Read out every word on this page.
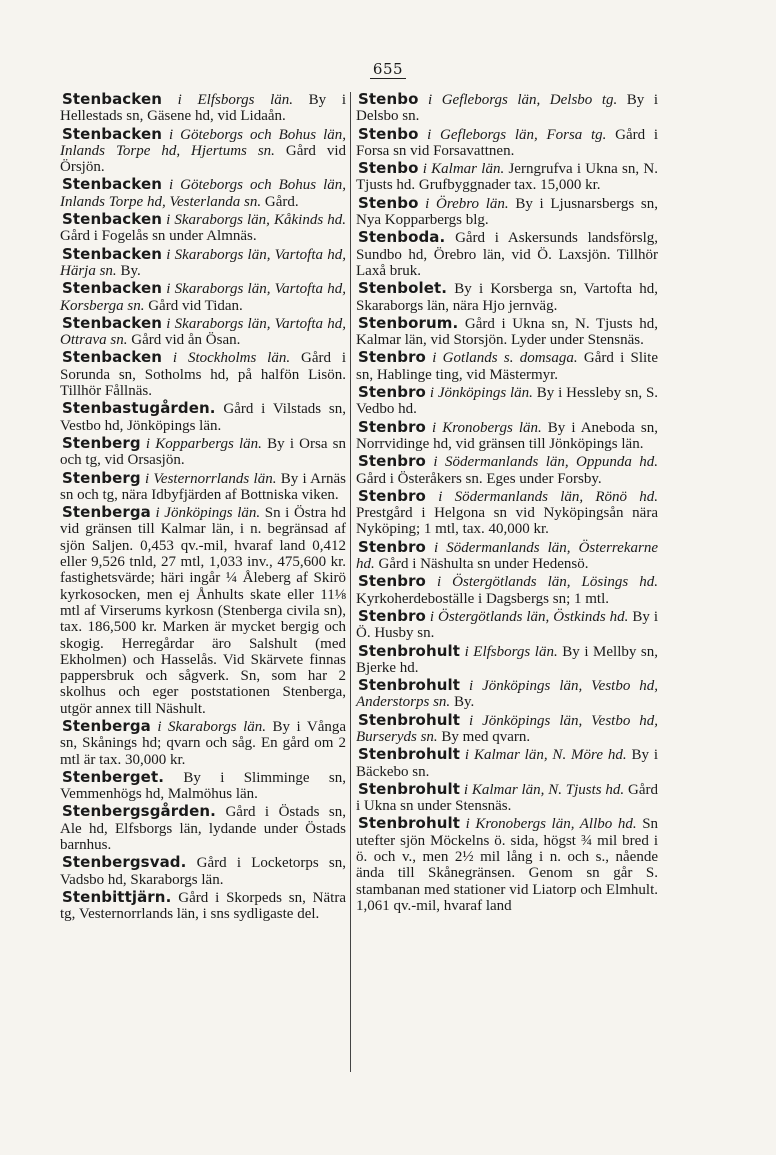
655

Stenbacken i Elfsborgs län. By i Hellestads sn, Gäsene hd, vid Lidaån.

Stenbacken i Göteborgs och Bohus län, Inlands Torpe hd, Hjertums sn. Gård vid Örsjön.

Stenbacken i Göteborgs och Bohus län, Inlands Torpe hd, Vesterlanda sn. Gård.

Stenbacken i Skaraborgs län, Kåkinds hd. Gård i Fogelås sn under Almnäs.

Stenbacken i Skaraborgs län, Vartofta hd, Härja sn. By.

Stenbacken i Skaraborgs län, Vartofta hd, Korsberga sn. Gård vid Tidan.

Stenbacken i Skaraborgs län, Vartofta hd, Ottrava sn. Gård vid ån Ösan.

Stenbacken i Stockholms län. Gård i Sorunda sn, Sotholms hd, på halfön Lisön. Tillhör Fållnäs.

Stenbastugården. Gård i Vilstads sn, Vestbo hd, Jönköpings län.

Stenberg i Kopparbergs län. By i Orsa sn och tg, vid Orsasjön.

Stenberg i Vesternorrlands län. By i Arnäs sn och tg, nära Idbyfjärden af Bottniska viken.

Stenberga i Jönköpings län. Sn i Östra hd vid gränsen till Kalmar län, i n. begränsad af sjön Saljen. 0,453 qv.-mil, hvaraf land 0,412 eller 9,526 tnld, 27 mtl, 1,033 inv., 475,600 kr. fastighetsvärde; häri ingår ¼ Åleberg af Skirö kyrkosocken, men ej Ånhults skate eller 11⅛ mtl af Virserums kyrkosn (Stenberga civila sn), tax. 186,500 kr. Marken är mycket bergig och skogig. Herregårdar äro Salshult (med Ekholmen) och Hasselås. Vid Skärvete finnas pappersbruk och sågverk. Sn, som har 2 skolhus och eger poststationen Stenberga, utgör annex till Näshult.

Stenberga i Skaraborgs län. By i Vånga sn, Skånings hd; qvarn och såg. En gård om 2 mtl är tax. 30,000 kr.

Stenberget. By i Slimminge sn, Vemmenhögs hd, Malmöhus län.

Stenbergsgården. Gård i Östads sn, Ale hd, Elfsborgs län, lydande under Östads barnhus.

Stenbergsvad. Gård i Locketorps sn, Vadsbo hd, Skaraborgs län.

Stenbittjärn. Gård i Skorpeds sn, Nätra tg, Vesternorrlands län, i sns sydligaste del.

Stenbo i Gefleborgs län, Delsbo tg. By i Delsbo sn.

Stenbo i Gefleborgs län, Forsa tg. Gård i Forsa sn vid Forsavattnen.

Stenbo i Kalmar län. Jerngrufva i Ukna sn, N. Tjusts hd. Grufbyggnader tax. 15,000 kr.

Stenbo i Örebro län. By i Ljusnarsbergs sn, Nya Kopparbergs blg.

Stenboda. Gård i Askersunds landsförslg, Sundbo hd, Örebro län, vid Ö. Laxsjön. Tillhör Laxå bruk.

Stenbolet. By i Korsberga sn, Vartofta hd, Skaraborgs län, nära Hjo jernväg.

Stenborum. Gård i Ukna sn, N. Tjusts hd, Kalmar län, vid Storsjön. Lyder under Stensnäs.

Stenbro i Gotlands s. domsaga. Gård i Slite sn, Hablinge ting, vid Mästermyr.

Stenbro i Jönköpings län. By i Hessleby sn, S. Vedbo hd.

Stenbro i Kronobergs län. By i Aneboda sn, Norrvidinge hd, vid gränsen till Jönköpings län.

Stenbro i Södermanlands län, Oppunda hd. Gård i Österåkers sn. Eges under Forsby.

Stenbro i Södermanlands län, Rönö hd. Prestgård i Helgona sn vid Nyköpingsån nära Nyköping; 1 mtl, tax. 40,000 kr.

Stenbro i Södermanlands län, Österrekarne hd. Gård i Näshulta sn under Hedensö.

Stenbro i Östergötlands län, Lösings hd. Kyrkoherdeboställe i Dagsbergs sn; 1 mtl.

Stenbro i Östergötlands län, Östkinds hd. By i Ö. Husby sn.

Stenbrohult i Elfsborgs län. By i Mellby sn, Bjerke hd.

Stenbrohult i Jönköpings län, Vestbo hd, Anderstorps sn. By.

Stenbrohult i Jönköpings län, Vestbo hd, Burseryds sn. By med qvarn.

Stenbrohult i Kalmar län, N. Möre hd. By i Bäckebo sn.

Stenbrohult i Kalmar län, N. Tjusts hd. Gård i Ukna sn under Stensnäs.

Stenbrohult i Kronobergs län, Allbo hd. Sn utefter sjön Möckelns ö. sida, högst ¾ mil bred i ö. och v., men 2½ mil lång i n. och s., nående ända till Skånegränsen. Genom sn går S. stambanan med stationer vid Liatorp och Elmhult. 1,061 qv.-mil, hvaraf land
